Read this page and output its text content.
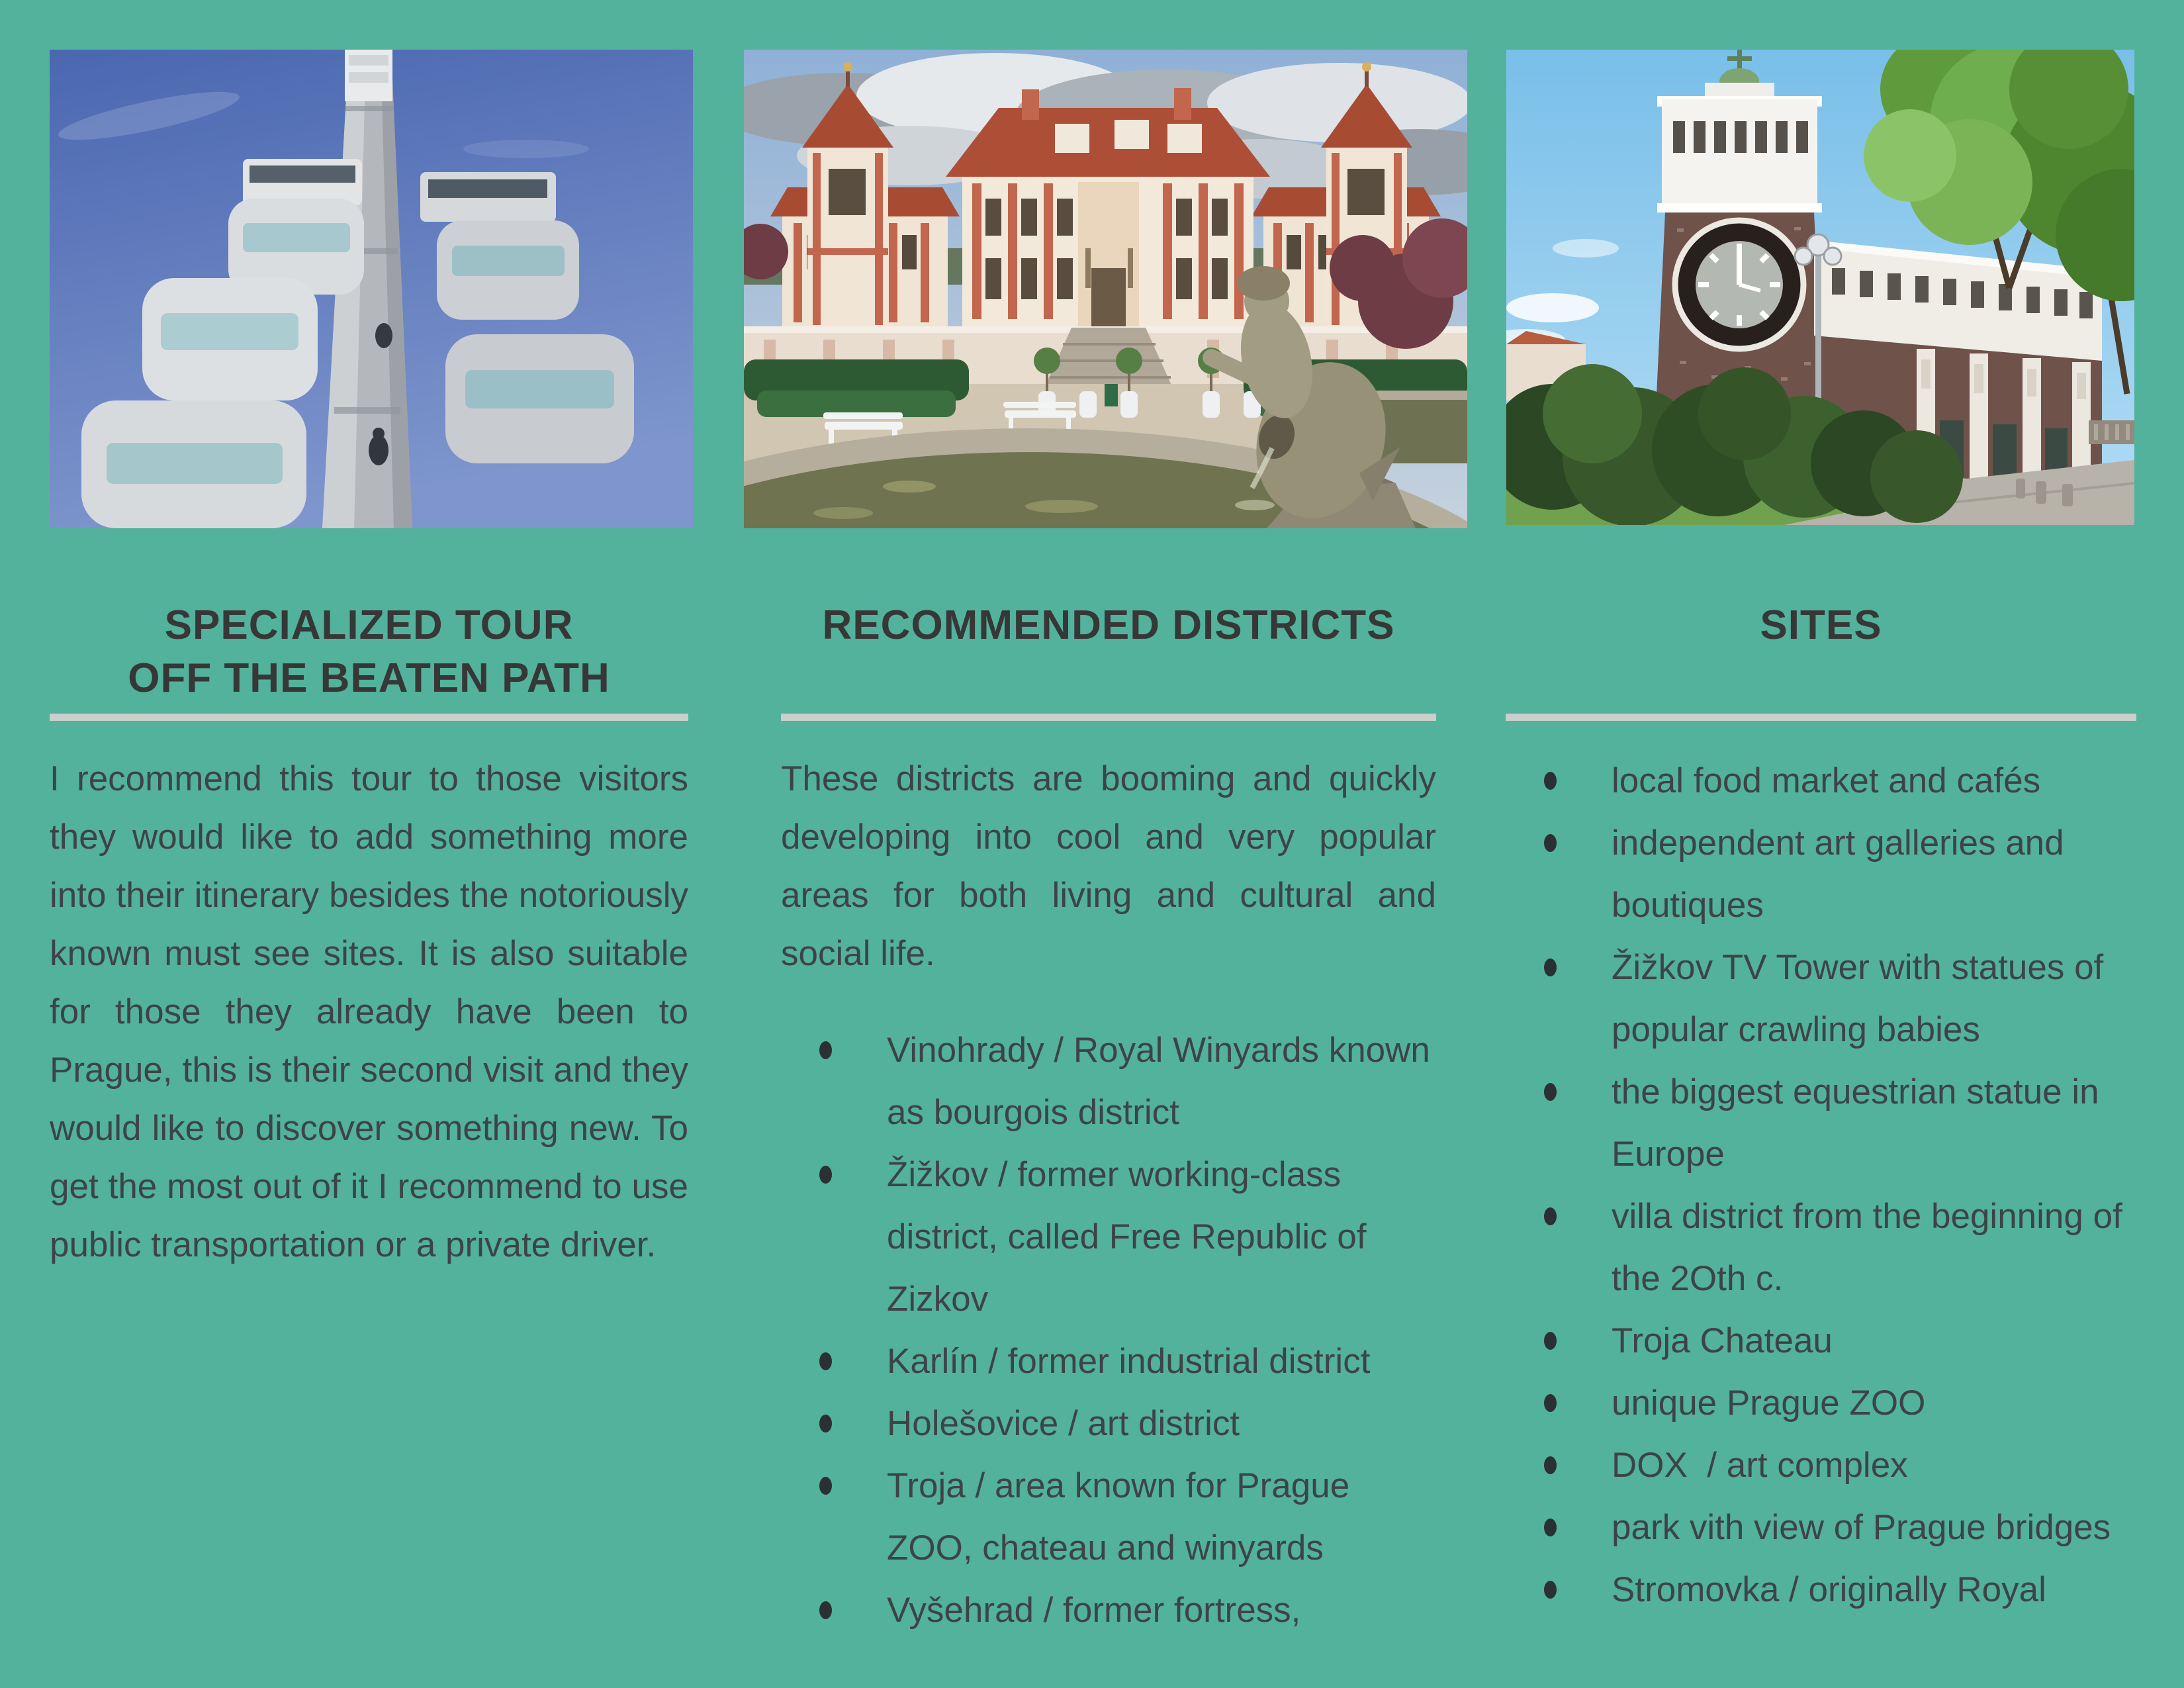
SPECIALIZED TOUR
OFF THE BEATEN PATH

I recommend this tour to those visitors they would like to add something more into their itinerary besides the notoriously known must see sites. It is also suitable for those they already have been to Prague, this is their second visit and they would like to discover something new. To get the most out of it I recommend to use public transportation or a private driver.

RECOMMENDED DISTRICTS

These districts are booming and quickly developing into cool and very popular areas for both living and cultural and social life.

Vinohrady / Royal Winyards known as bourgois district
Žižkov / former working-class district, called Free Republic of Zizkov
Karlín / former industrial district
Holešovice / art district
Troja / area known for Prague ZOO, chateau and winyards
Vyšehrad / former fortress,
SITES
local food market and cafés
independent art galleries and boutiques
Žižkov TV Tower with statues of popular crawling babies
the biggest equestrian statue in Europe
villa district from the beginning of the 2Oth c.
Troja Chateau
unique Prague ZOO
DOX  / art complex
park vith view of Prague bridges
Stromovka / originally Royal
